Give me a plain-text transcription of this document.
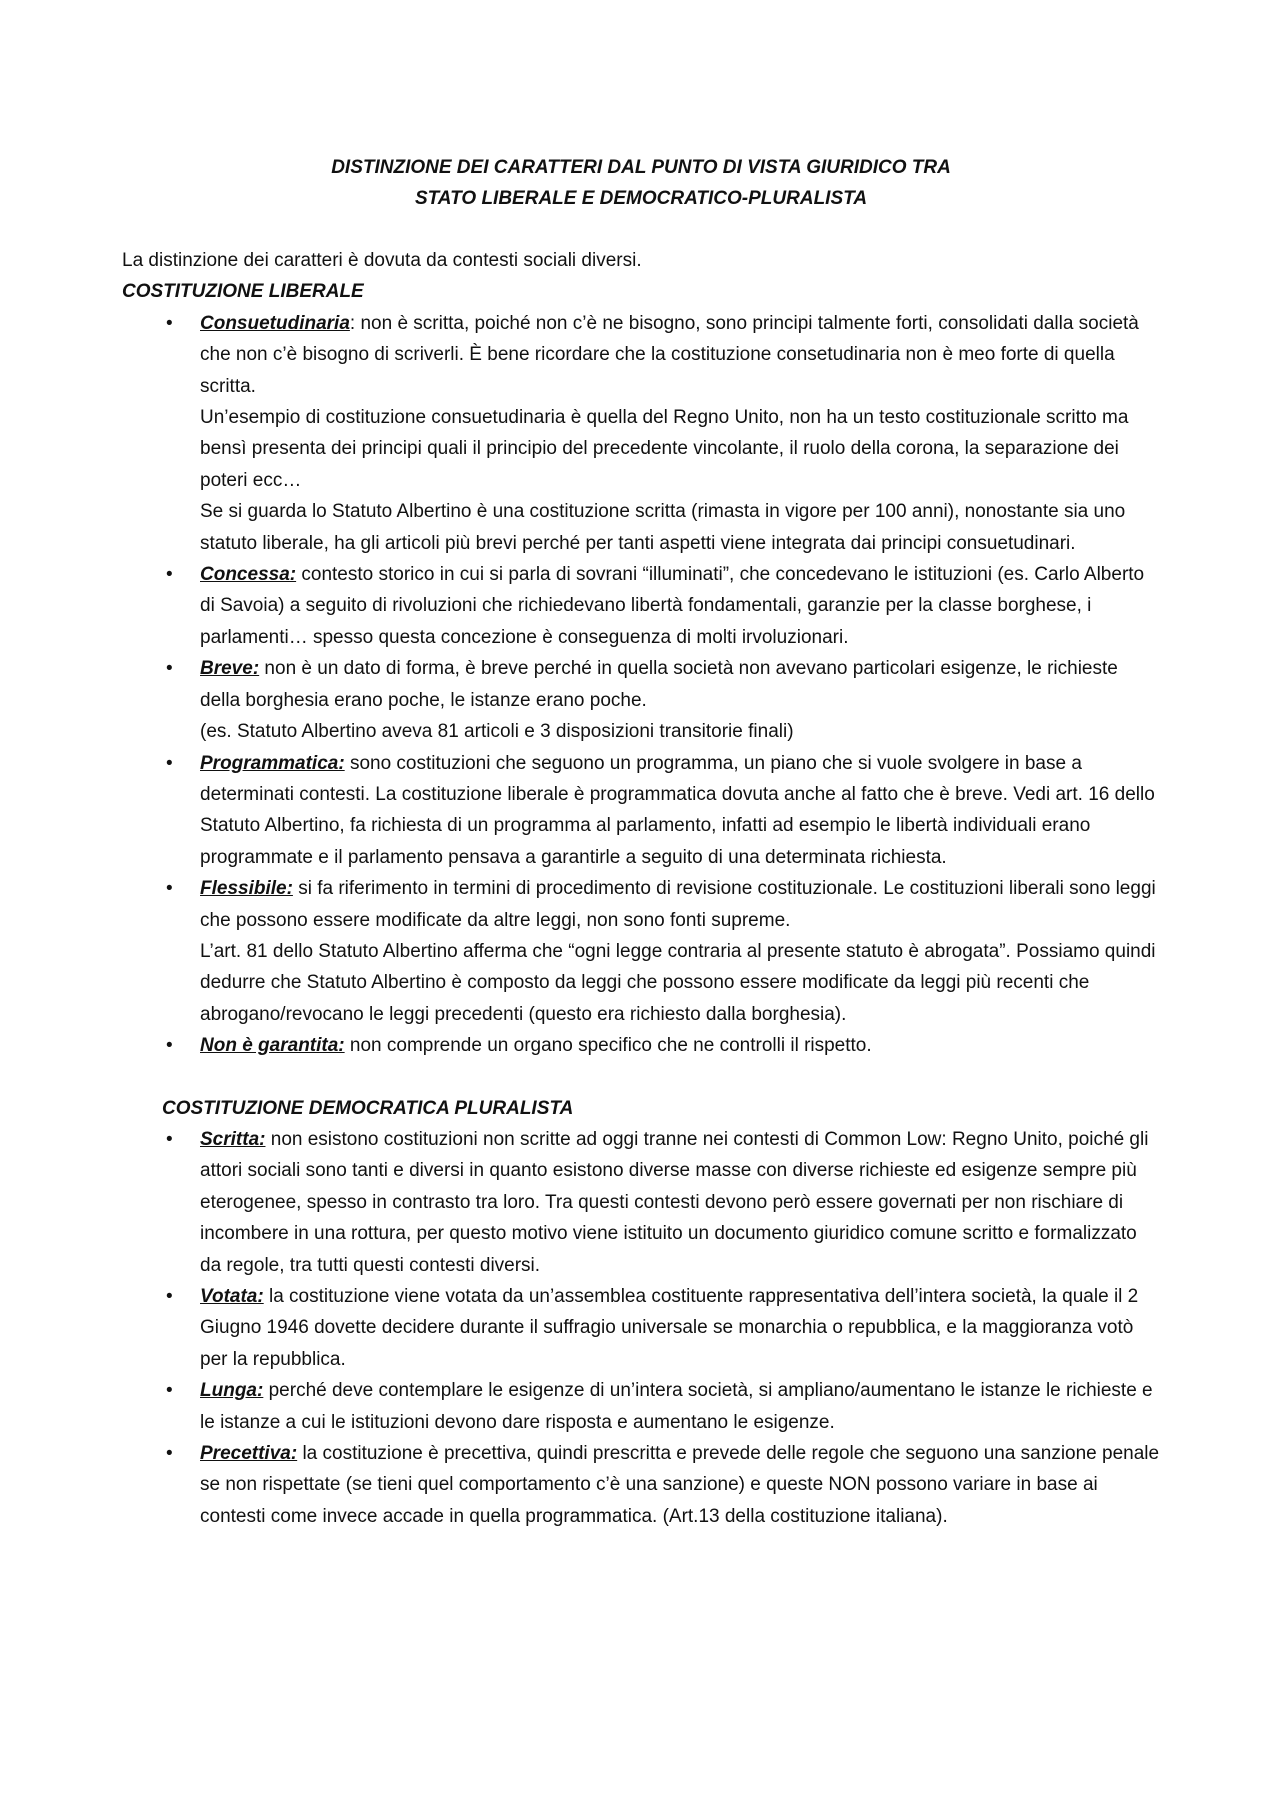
DISTINZIONE DEI CARATTERI DAL PUNTO DI VISTA GIURIDICO TRA

STATO LIBERALE E DEMOCRATICO-PLURALISTA

La distinzione dei caratteri è dovuta da contesti sociali diversi.

COSTITUZIONE LIBERALE

• Consuetudinaria: non è scritta, poiché non c’è ne bisogno, sono principi talmente forti, consolidati dalla società che non c’è bisogno di scriverli. È bene ricordare che la costituzione consetudinaria non è meo forte di quella scritta.
Un’esempio di costituzione consuetudinaria è quella del Regno Unito, non ha un testo costituzionale scritto ma bensì presenta dei principi quali il principio del precedente vincolante, il ruolo della corona, la separazione dei poteri ecc…
Se si guarda lo Statuto Albertino è una costituzione scritta (rimasta in vigore per 100 anni), nonostante sia uno statuto liberale, ha gli articoli più brevi perché per tanti aspetti viene integrata dai principi consuetudinari.
• Concessa: contesto storico in cui si parla di sovrani “illuminati”, che concedevano le istituzioni (es. Carlo Alberto di Savoia) a seguito di rivoluzioni che richiedevano libertà fondamentali, garanzie per la classe borghese, i parlamenti… spesso questa concezione è conseguenza di molti irvoluzionari.
• Breve: non è un dato di forma, è breve perché in quella società non avevano particolari esigenze, le richieste della borghesia erano poche, le istanze erano poche.
(es. Statuto Albertino aveva 81 articoli e 3 disposizioni transitorie finali)
• Programmatica: sono costituzioni che seguono un programma, un piano che si vuole svolgere in base a determinati contesti. La costituzione liberale è programmatica dovuta anche al fatto che è breve. Vedi art. 16 dello Statuto Albertino, fa richiesta di un programma al parlamento, infatti ad esempio le libertà individuali erano programmate e il parlamento pensava a garantirle a seguito di una determinata richiesta.
• Flessibile: si fa riferimento in termini di procedimento di revisione costituzionale. Le costituzioni liberali sono leggi che possono essere modificate da altre leggi, non sono fonti supreme.
L’art. 81 dello Statuto Albertino afferma che “ogni legge contraria al presente statuto è abrogata”. Possiamo quindi dedurre che Statuto Albertino è composto da leggi che possono essere modificate da leggi più recenti che abrogano/revocano le leggi precedenti (questo era richiesto dalla borghesia).
• Non è garantita: non comprende un organo specifico che ne controlli il rispetto.

COSTITUZIONE DEMOCRATICA PLURALISTA

• Scritta: non esistono costituzioni non scritte ad oggi tranne nei contesti di Common Low: Regno Unito, poiché gli attori sociali sono tanti e diversi in quanto esistono diverse masse con diverse richieste ed esigenze sempre più eterogenee, spesso in contrasto tra loro. Tra questi contesti devono però essere governati per non rischiare di incombere in una rottura, per questo motivo viene istituito un documento giuridico comune scritto e formalizzato da regole, tra tutti questi contesti diversi.
• Votata: la costituzione viene votata da un’assemblea costituente rappresentativa dell’intera società, la quale il 2 Giugno 1946 dovette decidere durante il suffragio universale se monarchia o repubblica, e la maggioranza votò per la repubblica.
• Lunga: perché deve contemplare le esigenze di un’intera società, si ampliano/aumentano le istanze le richieste e le istanze a cui le istituzioni devono dare risposta e aumentano le esigenze.
• Precettiva: la costituzione è precettiva, quindi prescritta e prevede delle regole che seguono una sanzione penale se non rispettate (se tieni quel comportamento c’è una sanzione) e queste NON possono variare in base ai contesti come invece accade in quella programmatica. (Art.13 della costituzione italiana).
